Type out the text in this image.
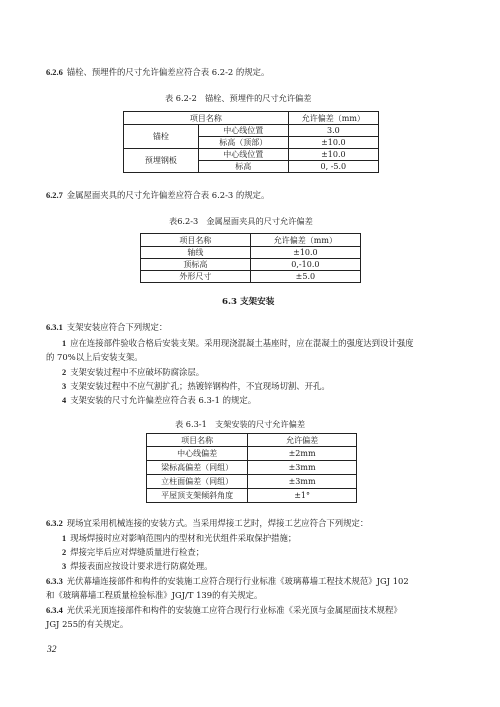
6.2.6 锚栓、预埋件的尺寸允许偏差应符合表 6.2-2 的规定。
表 6.2-2　锚栓、预埋件的尺寸允许偏差
项目名称		允许偏差（mm）
锚栓	中心线位置	3.0
	标高（顶部）	±10.0
预埋钢板	中心线位置	±10.0
	标高	0, -5.0
6.2.7 金属屋面夹具的尺寸允许偏差应符合表 6.2-3 的规定。
表6.2-3　金属屋面夹具的尺寸允许偏差
项目名称	允许偏差（mm）
轴线	±10.0
顶标高	0,-10.0
外形尺寸	±5.0
6.3 支架安装
6.3.1 支架安装应符合下列规定：
1 应在连接部件验收合格后安装支架。采用现浇混凝土基座时，应在混凝土的强度达到设计强度
的 70%以上后安装支架。
2 支架安装过程中不应破坏防腐涂层。
3 支架安装过程中不应气割扩孔；热镀锌钢构件，不宜现场切割、开孔。
4 支架安装的尺寸允许偏差应符合表 6.3-1 的规定。
表 6.3-1　支架安装的尺寸允许偏差
项目名称	允许偏差
中心线偏差	±2mm
梁标高偏差（同组）	±3mm
立柱面偏差（同组）	±3mm
平屋顶支架倾斜角度	±1°
6.3.2 现场宜采用机械连接的安装方式。当采用焊接工艺时，焊接工艺应符合下列规定：
1 现场焊接时应对影响范围内的型材和光伏组件采取保护措施；
2 焊接完毕后应对焊缝质量进行检查；
3 焊接表面应按设计要求进行防腐处理。
6.3.3 光伏幕墙连接部件和构件的安装施工应符合现行行业标准《玻璃幕墙工程技术规范》JGJ 102
和《玻璃幕墙工程质量检验标准》JGJ/T 139的有关规定。
6.3.4 光伏采光顶连接部件和构件的安装施工应符合现行行业标准《采光顶与金属屋面技术规程》
JGJ 255的有关规定。
32
